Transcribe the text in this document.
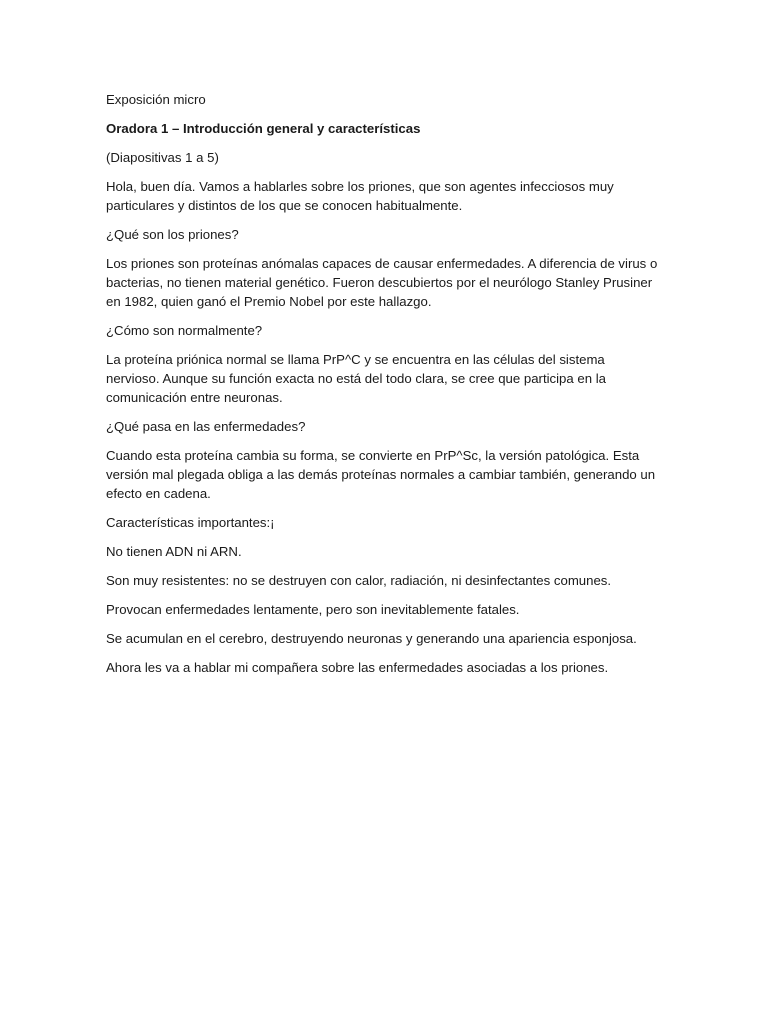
Exposición micro

Oradora 1 – Introducción general y características

(Diapositivas 1 a 5)

Hola, buen día. Vamos a hablarles sobre los priones, que son agentes infecciosos muy particulares y distintos de los que se conocen habitualmente.

¿Qué son los priones?

Los priones son proteínas anómalas capaces de causar enfermedades. A diferencia de virus o bacterias, no tienen material genético. Fueron descubiertos por el neurólogo Stanley Prusiner en 1982, quien ganó el Premio Nobel por este hallazgo.

¿Cómo son normalmente?

La proteína priónica normal se llama PrP^C y se encuentra en las células del sistema nervioso. Aunque su función exacta no está del todo clara, se cree que participa en la comunicación entre neuronas.

¿Qué pasa en las enfermedades?

Cuando esta proteína cambia su forma, se convierte en PrP^Sc, la versión patológica. Esta versión mal plegada obliga a las demás proteínas normales a cambiar también, generando un efecto en cadena.

Características importantes:¡

No tienen ADN ni ARN.

Son muy resistentes: no se destruyen con calor, radiación, ni desinfectantes comunes.

Provocan enfermedades lentamente, pero son inevitablemente fatales.

Se acumulan en el cerebro, destruyendo neuronas y generando una apariencia esponjosa.

Ahora les va a hablar mi compañera sobre las enfermedades asociadas a los priones.
